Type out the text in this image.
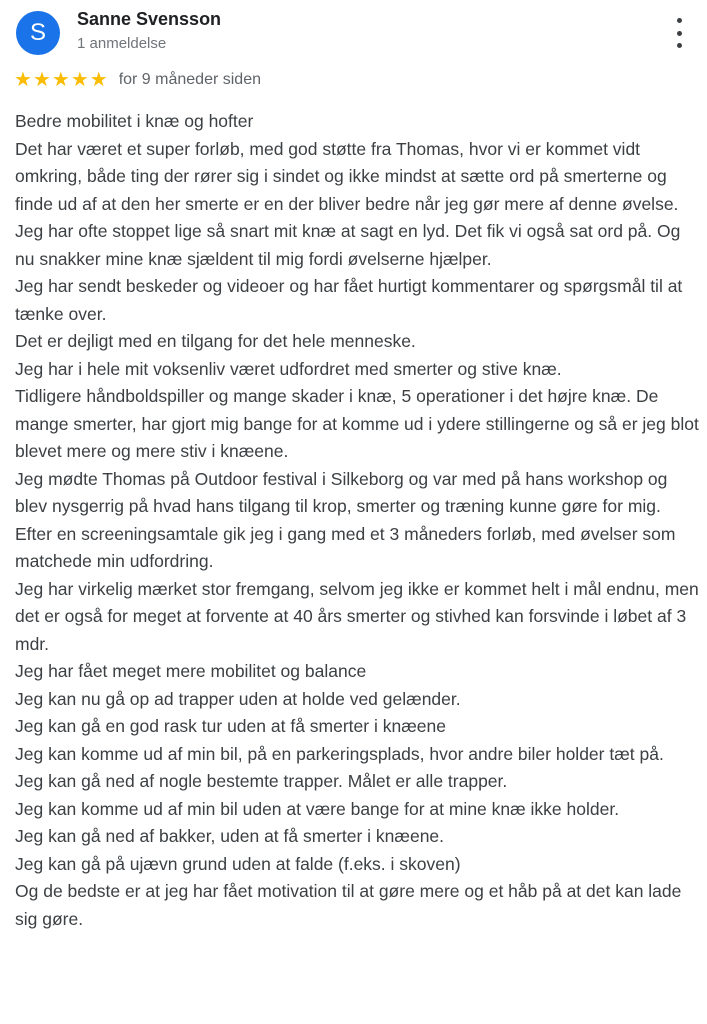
S	Sanne Svensson
1 anmeldelse
★ ★ ★ ★ ★ for 9 måneder siden

Bedre mobilitet i knæ og hofter

Det har været et super forløb, med god støtte fra Thomas, hvor vi er kommet vidt omkring, både ting der rører sig i sindet og ikke mindst at sætte ord på smerterne og finde ud af at den her smerte er en der bliver bedre når jeg gør mere af denne øvelse. Jeg har ofte stoppet lige så snart mit knæ at sagt en lyd. Det fik vi også sat ord på. Og nu snakker mine knæ sjældent til mig fordi øvelserne hjælper.

Jeg har sendt beskeder og videoer og har fået hurtigt kommentarer og spørgsmål til at tænke over.

Det er dejligt med en tilgang for det hele menneske.

Jeg har i hele mit voksenliv været udfordret med smerter og stive knæ.

Tidligere håndboldspiller og mange skader i knæ, 5 operationer i det højre knæ. De mange smerter, har gjort mig bange for at komme ud i ydere stillingerne og så er jeg blot blevet mere og mere stiv i knæene.

Jeg mødte Thomas på Outdoor festival i Silkeborg og var med på hans workshop og blev nysgerrig på hvad hans tilgang til krop, smerter og træning kunne gøre for mig.

Efter en screeningsamtale gik jeg i gang med et 3 måneders forløb, med øvelser som matchede min udfordring.

Jeg har virkelig mærket stor fremgang, selvom jeg ikke er kommet helt i mål endnu, men det er også for meget at forvente at 40 års smerter og stivhed kan forsvinde i løbet af 3 mdr.

Jeg har fået meget mere mobilitet og balance

Jeg kan nu gå op ad trapper uden at holde ved gelænder.

Jeg kan gå en god rask tur uden at få smerter i knæene

Jeg kan komme ud af min bil, på en parkeringsplads, hvor andre biler holder tæt på.

Jeg kan gå ned af nogle bestemte trapper. Målet er alle trapper.

Jeg kan komme ud af min bil uden at være bange for at mine knæ ikke holder.

Jeg kan gå ned af bakker, uden at få smerter i knæene.

Jeg kan gå på ujævn grund uden at falde (f.eks. i skoven)

Og de bedste er at jeg har fået motivation til at gøre mere og et håb på at det kan lade sig gøre.
